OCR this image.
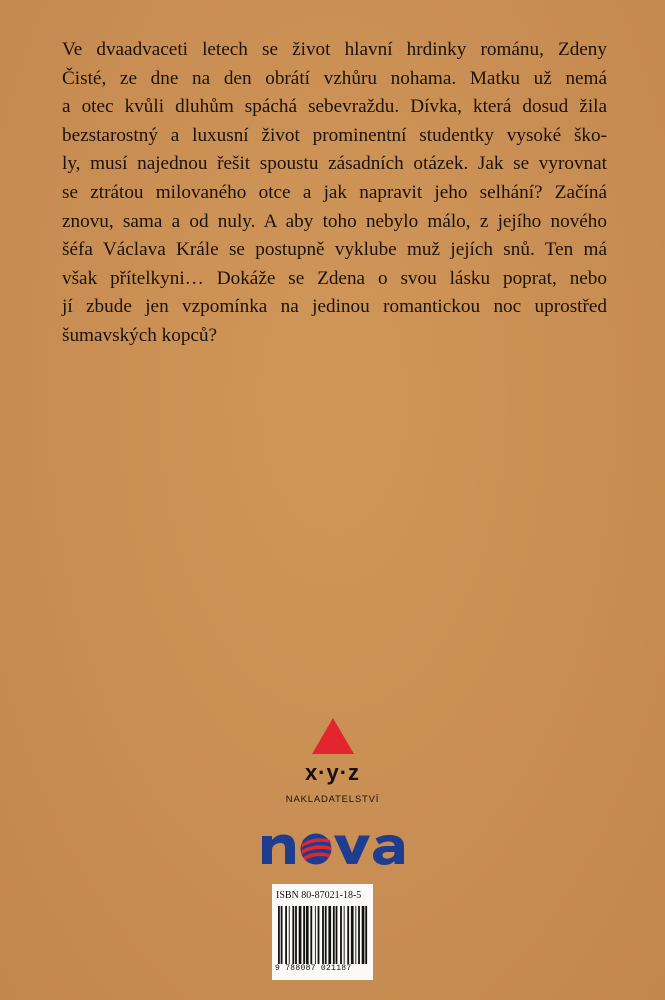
Ve dvaadvaceti letech se život hlavní hrdinky románu, Zdeny
Čisté, ze dne na den obrátí vzhůru nohama. Matku už nemá
a otec kvůli dluhům spáchá sebevraždu. Dívka, která dosud žila
bezstarostný a luxusní život prominentní studentky vysoké ško-
ly, musí najednou řešit spoustu zásadních otázek. Jak se vyrovnat
se ztrátou milovaného otce a jak napravit jeho selhání? Začíná
znovu, sama a od nuly. A aby toho nebylo málo, z jejího nového
šéfa Václava Krále se postupně vyklube muž jejích snů. Ten má
však přítelkyni… Dokáže se Zdena o svou lásku poprat, nebo
jí zbude jen vzpomínka na jedinou romantickou noc uprostřed
šumavských kopců?
x·y·z
NAKLADATELSTVÍ
ISBN 80-87021-18-5
9 788087 021187
